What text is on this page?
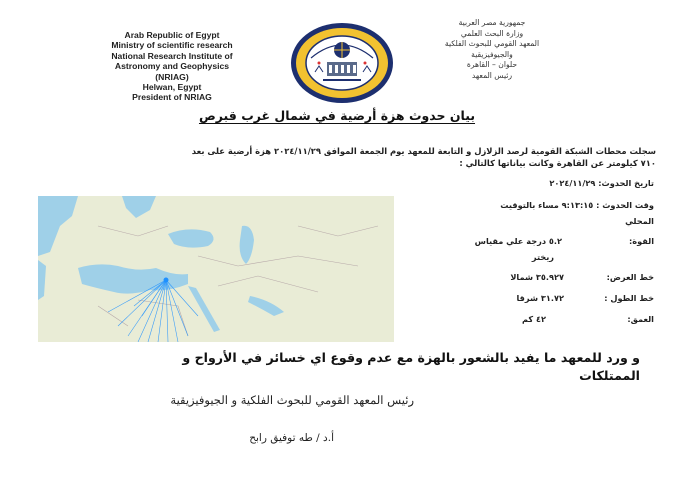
Arab Republic of Egypt
Ministry of scientific research
National Research Institute of
Astronomy and Geophysics
(NRIAG)
Helwan, Egypt
President of NRIAG
جمهورية مصر العربية
وزارة البحث العلمي
المعهد القومي للبحوث الفلكية
والجيوفيزيقية
حلوان – القاهرة
رئيس المعهد
بيان حدوث هزة أرضية في شمال غرب قبرص
سجلت محطات الشبكة القومية لرصد الزلازل و التابعة للمعهد يوم الجمعة الموافق ٢٠٢٤/١١/٢٩ هزة أرضية على بعد
٧١٠ كيلومتر عن القاهرة وكانت بياناتها كالتالي :
تاريخ الحدوث: ٢٠٢٤/١١/٢٩
وقت الحدوث : ٩:١٣:١٥ مساء بالتوقيت
المحلي
القوة:
٥.٢ درجة علي مقياس
ريختر
خط العرض:
٣٥.٩٢٧ شمالا
خط الطول :
٣١.٧٢ شرقا
العمق:
٤٢ كم
و ورد للمعهد ما يفيد بالشعور بالهزة مع عدم وقوع اي خسائر في الأرواح و
الممتلكات
رئيس المعهد القومي للبحوث الفلكية و الجيوفيزيقية
أ.د / طه توفيق رابح
